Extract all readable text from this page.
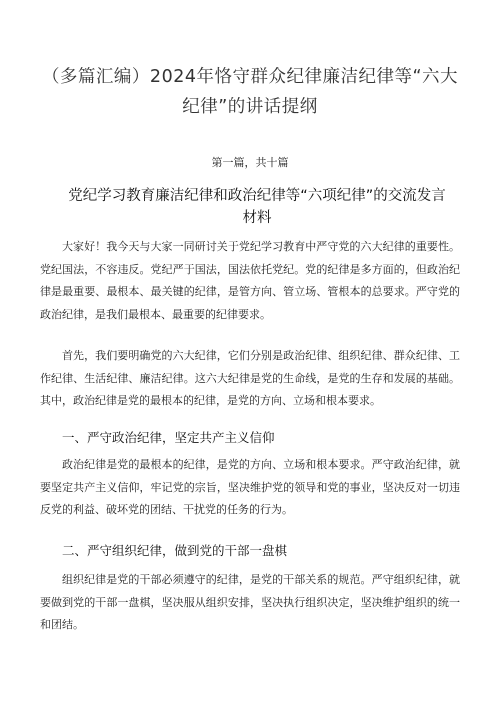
（多篇汇编）2024年恪守群众纪律廉洁纪律等“六大纪律”的讲话提纲
第一篇，共十篇
党纪学习教育廉洁纪律和政治纪律等“六项纪律”的交流发言材料

大家好！我今天与大家一同研讨关于党纪学习教育中严守党的六大纪律的重要性。党纪国法，不容违反。党纪严于国法，国法依托党纪。党的纪律是多方面的，但政治纪律是最重要、最根本、最关键的纪律，是管方向、管立场、管根本的总要求。严守党的政治纪律，是我们最根本、最重要的纪律要求。

首先，我们要明确党的六大纪律，它们分别是政治纪律、组织纪律、群众纪律、工作纪律、生活纪律、廉洁纪律。这六大纪律是党的生命线，是党的生存和发展的基础。其中，政治纪律是党的最根本的纪律，是党的方向、立场和根本要求。

一、严守政治纪律，坚定共产主义信仰

政治纪律是党的最根本的纪律，是党的方向、立场和根本要求。严守政治纪律，就要坚定共产主义信仰，牢记党的宗旨，坚决维护党的领导和党的事业，坚决反对一切违反党的利益、破坏党的团结、干扰党的任务的行为。

二、严守组织纪律，做到党的干部一盘棋

组织纪律是党的干部必须遵守的纪律，是党的干部关系的规范。严守组织纪律，就要做到党的干部一盘棋，坚决服从组织安排，坚决执行组织决定，坚决维护组织的统一和团结。
